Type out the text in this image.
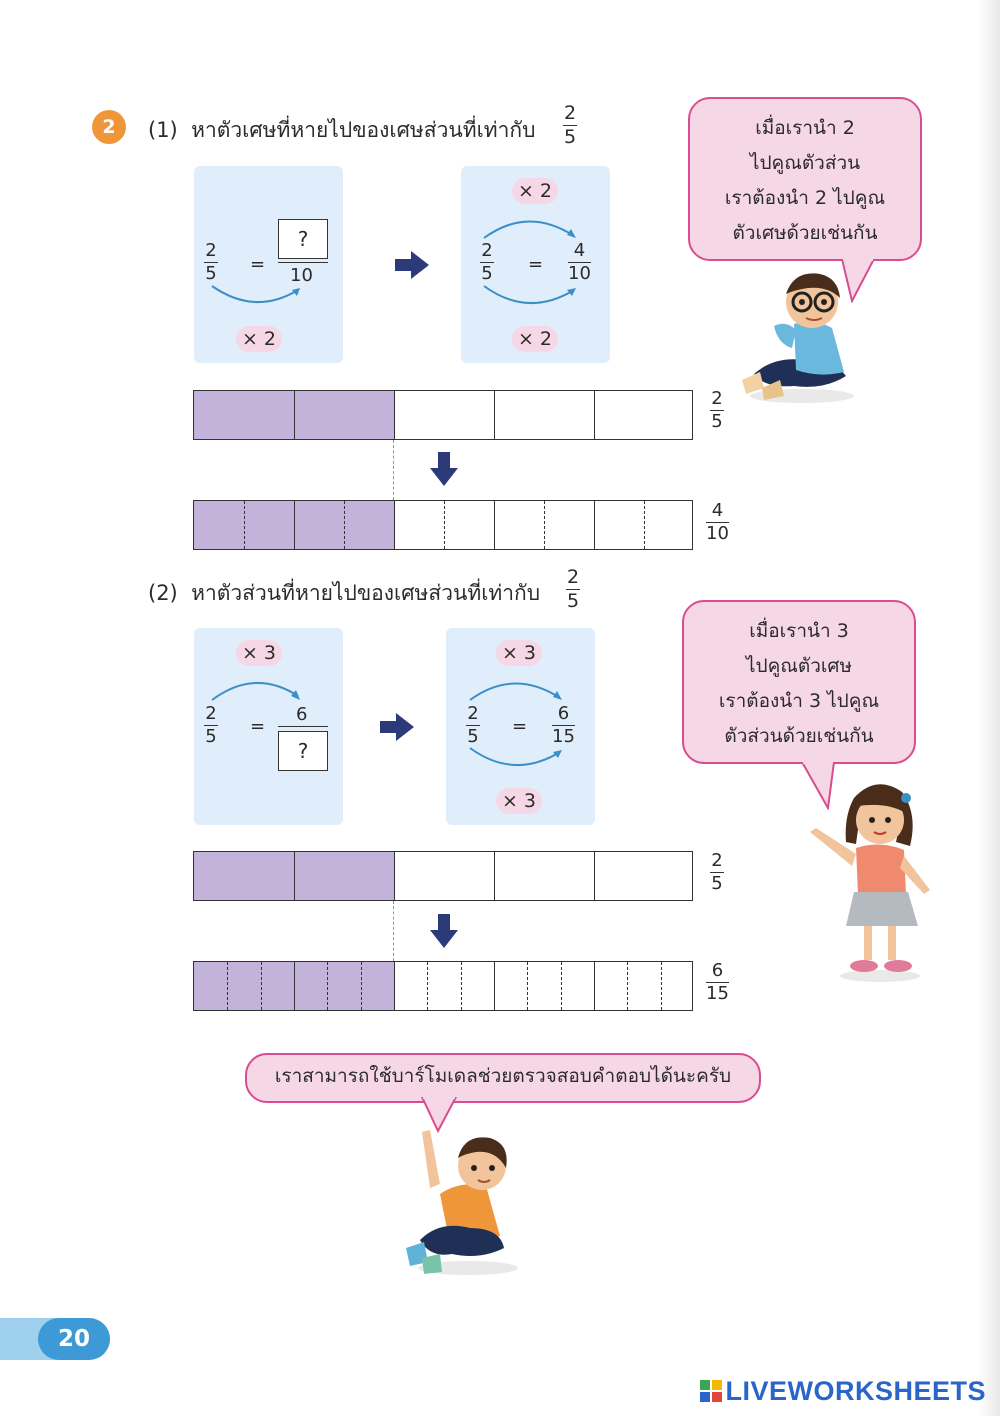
2	(1) หาตัวเศษที่หายไปของเศษส่วนที่เท่ากับ
2
5
2
5 =
?
10
× 2
× 2
2
5 =
4
10
× 2
2
5
4
10
(2) หาตัวส่วนที่หายไปของเศษส่วนที่เท่ากับ
2
5
× 3
2
5 =
6
?
× 3
2
5 =
6
15
× 3
2
5
6
15
เมื่อเรานำ 2
ไปคูณตัวส่วน
เราต้องนำ 2 ไปคูณ
ตัวเศษด้วยเช่นกัน
เมื่อเรานำ 3
ไปคูณตัวเศษ
เราต้องนำ 3 ไปคูณ
ตัวส่วนด้วยเช่นกัน
เราสามารถใช้บาร์โมเดลช่วยตรวจสอบคำตอบได้นะครับ
20
LIVEWORKSHEETS
